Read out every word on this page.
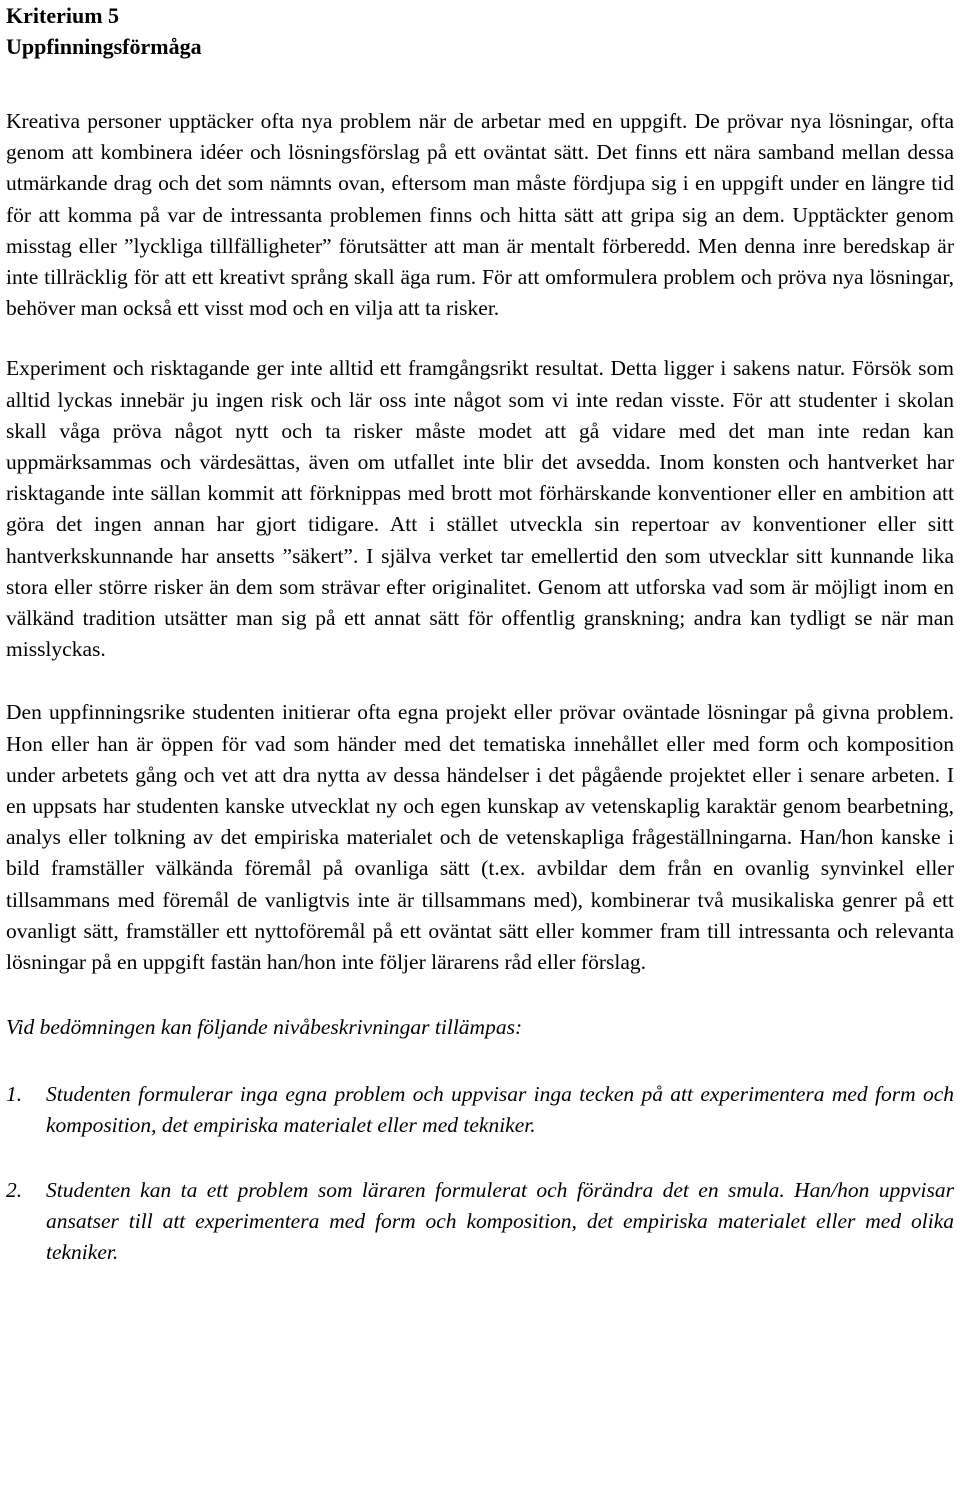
Kriterium 5

Uppfinningsförmåga

Kreativa personer upptäcker ofta nya problem när de arbetar med en uppgift. De prövar nya lösningar, ofta genom att kombinera idéer och lösningsförslag på ett oväntat sätt. Det finns ett nära samband mellan dessa utmärkande drag och det som nämnts ovan, eftersom man måste fördjupa sig i en uppgift under en längre tid för att komma på var de intressanta problemen finns och hitta sätt att gripa sig an dem. Upptäckter genom misstag eller ”lyckliga tillfälligheter” förutsätter att man är mentalt förberedd. Men denna inre beredskap är inte tillräcklig för att ett kreativt språng skall äga rum. För att omformulera problem och pröva nya lösningar, behöver man också ett visst mod och en vilja att ta risker.

Experiment och risktagande ger inte alltid ett framgångsrikt resultat. Detta ligger i sakens natur. Försök som alltid lyckas innebär ju ingen risk och lär oss inte något som vi inte redan visste. För att studenter i skolan skall våga pröva något nytt och ta risker måste modet att gå vidare med det man inte redan kan uppmärksammas och värdesättas, även om utfallet inte blir det avsedda. Inom konsten och hantverket har risktagande inte sällan kommit att förknippas med brott mot förhärskande konventioner eller en ambition att göra det ingen annan har gjort tidigare. Att i stället utveckla sin repertoar av konventioner eller sitt hantverkskunnande har ansetts ”säkert”. I själva verket tar emellertid den som utvecklar sitt kunnande lika stora eller större risker än dem som strävar efter originalitet. Genom att utforska vad som är möjligt inom en välkänd tradition utsätter man sig på ett annat sätt för offentlig granskning; andra kan tydligt se när man misslyckas.

Den uppfinningsrike studenten initierar ofta egna projekt eller prövar oväntade lösningar på givna problem. Hon eller han är öppen för vad som händer med det tematiska innehållet eller med form och komposition under arbetets gång och vet att dra nytta av dessa händelser i det pågående projektet eller i senare arbeten. I en uppsats har studenten kanske utvecklat ny och egen kunskap av vetenskaplig karaktär genom bearbetning, analys eller tolkning av det empiriska materialet och de vetenskapliga frågeställningarna. Han/hon kanske i bild framställer välkända föremål på ovanliga sätt (t.ex. avbildar dem från en ovanlig synvinkel eller tillsammans med föremål de vanligtvis inte är tillsammans med), kombinerar två musikaliska genrer på ett ovanligt sätt, framställer ett nyttoföremål på ett oväntat sätt eller kommer fram till intressanta och relevanta lösningar på en uppgift fastän han/hon inte följer lärarens råd eller förslag.

Vid bedömningen kan följande nivåbeskrivningar tillämpas:

1.	Studenten formulerar inga egna problem och uppvisar inga tecken på att experimentera med form och komposition, det empiriska materialet eller med tekniker.
2.	Studenten kan ta ett problem som läraren formulerat och förändra det en smula. Han/hon uppvisar ansatser till att experimentera med form och komposition, det empiriska materialet eller med olika tekniker.
